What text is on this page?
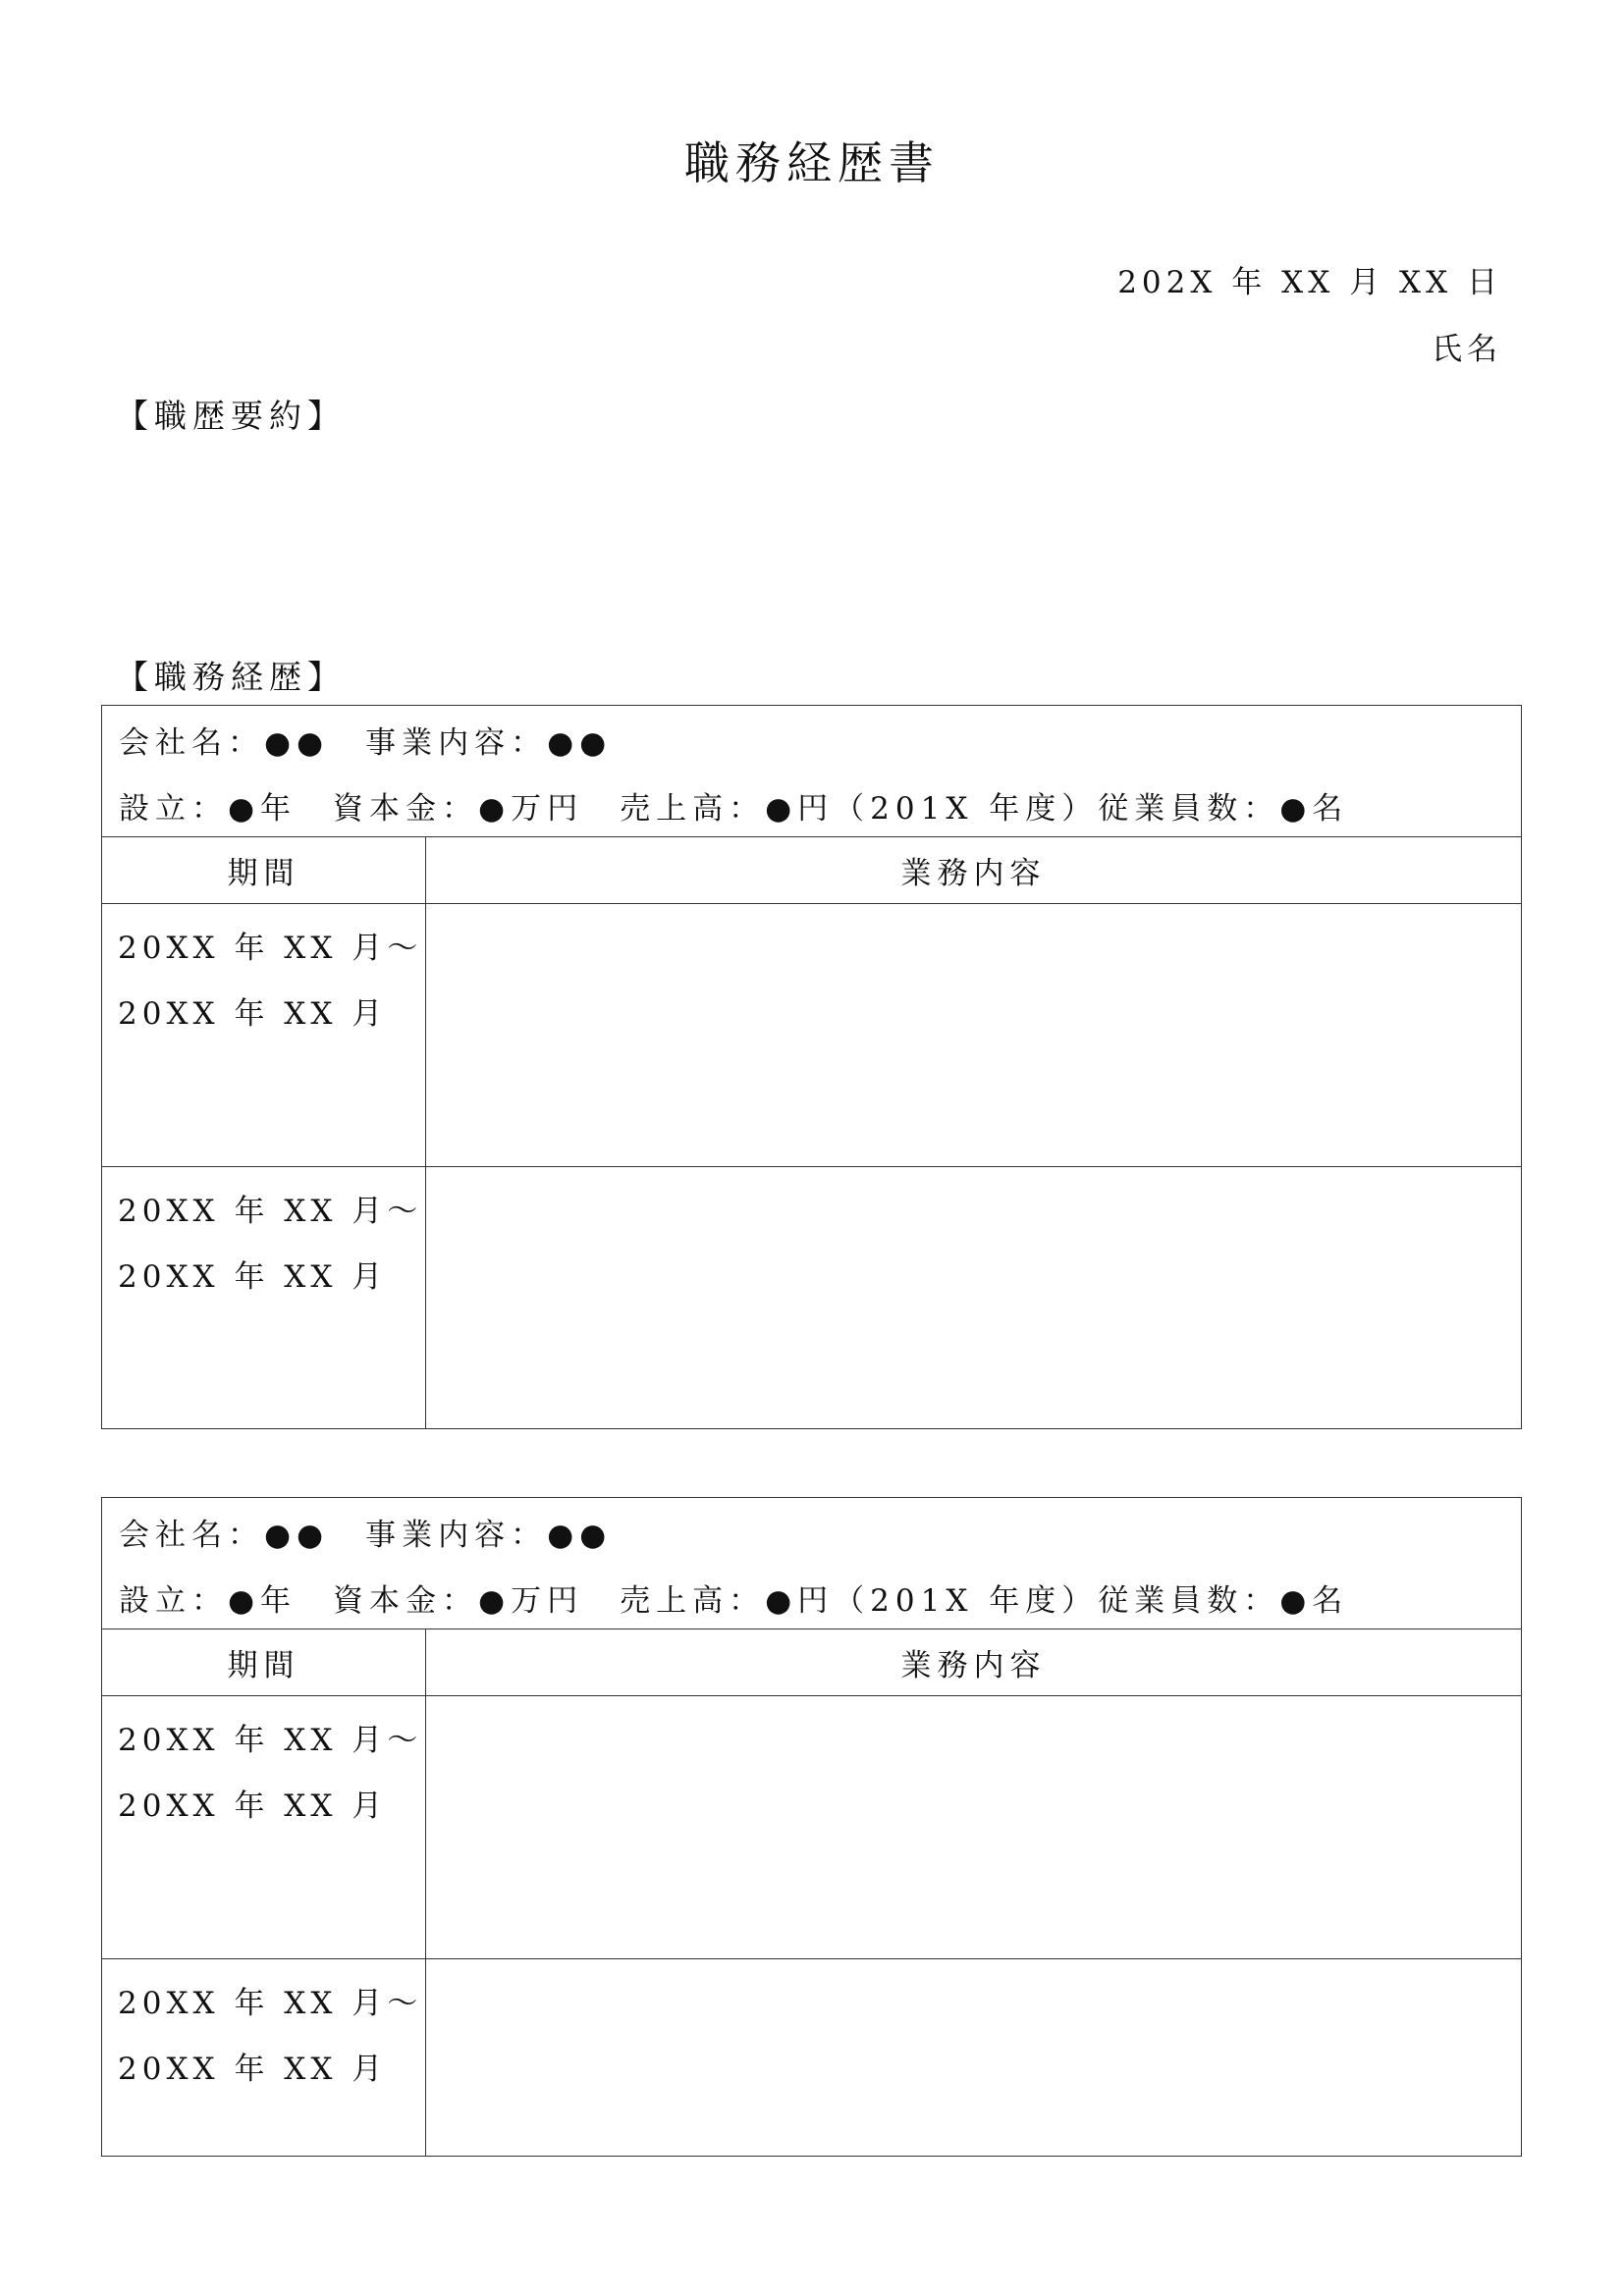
職務経歴書
202X 年 XX 月 XX 日
氏名
【職歴要約】
【職務経歴】
会社名：●●　事業内容：●●
設立：●年　資本金：●万円　売上高：●円（201X 年度）従業員数：●名
期間	業務内容
20XX 年 XX 月～
20XX 年 XX 月
20XX 年 XX 月～
20XX 年 XX 月
会社名：●●　事業内容：●●
設立：●年　資本金：●万円　売上高：●円（201X 年度）従業員数：●名
期間	業務内容
20XX 年 XX 月～
20XX 年 XX 月
20XX 年 XX 月～
20XX 年 XX 月
